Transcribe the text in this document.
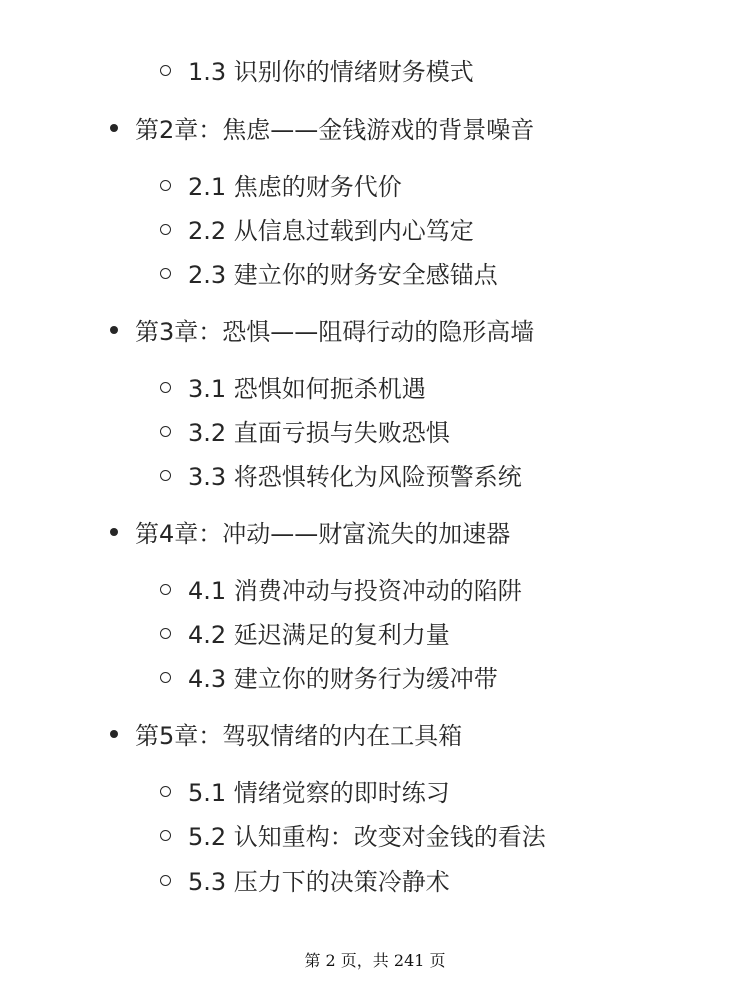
1.3 识别你的情绪财务模式
第2章：焦虑——金钱游戏的背景噪音
2.1 焦虑的财务代价
2.2 从信息过载到内心笃定
2.3 建立你的财务安全感锚点
第3章：恐惧——阻碍行动的隐形高墙
3.1 恐惧如何扼杀机遇
3.2 直面亏损与失败恐惧
3.3 将恐惧转化为风险预警系统
第4章：冲动——财富流失的加速器
4.1 消费冲动与投资冲动的陷阱
4.2 延迟满足的复利力量
4.3 建立你的财务行为缓冲带
第5章：驾驭情绪的内在工具箱
5.1 情绪觉察的即时练习
5.2 认知重构：改变对金钱的看法
5.3 压力下的决策冷静术
第 2 页，共 241 页
